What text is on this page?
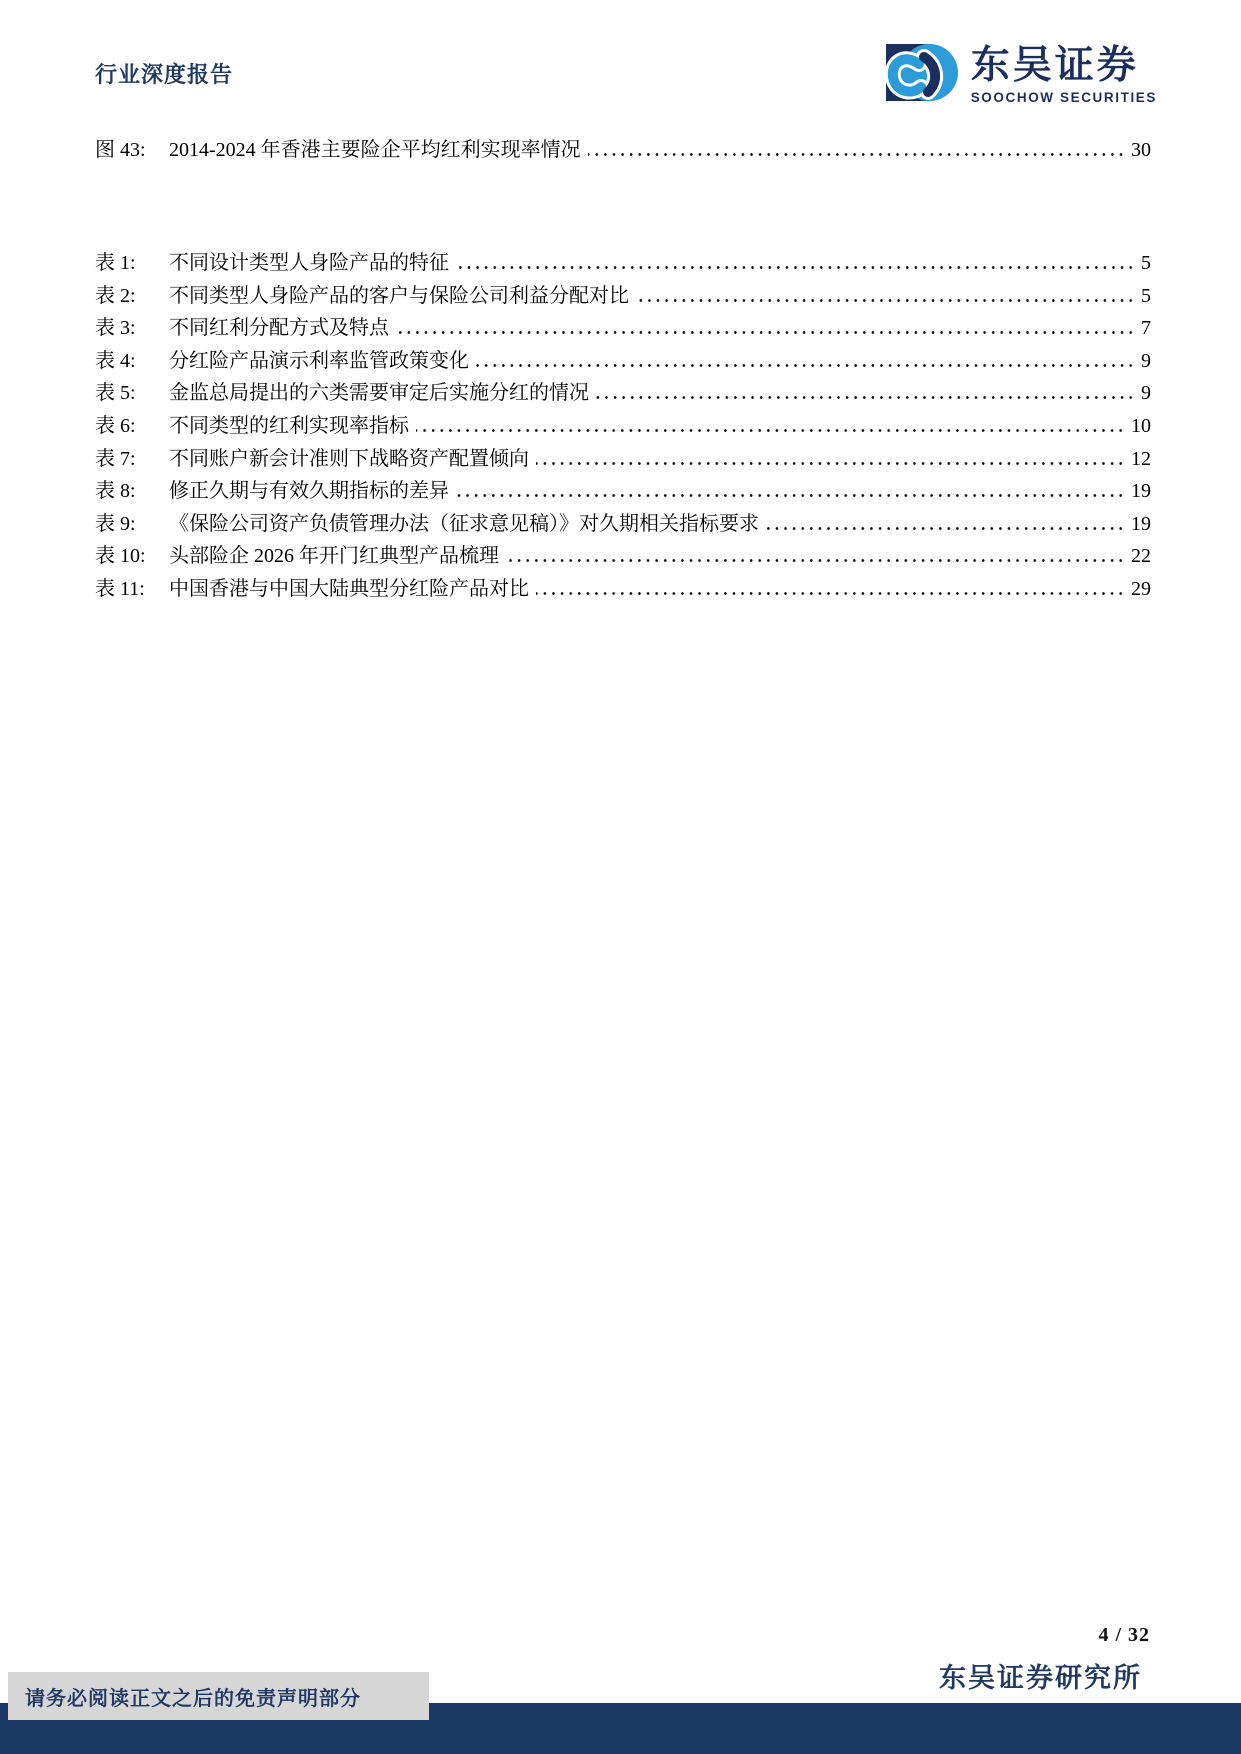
行业深度报告	东吴证券
SOOCHOW SECURITIES
图 43:	2014-2024 年香港主要险企平均红利实现率情况	30
表 1:	不同设计类型人身险产品的特征	5
表 2:	不同类型人身险产品的客户与保险公司利益分配对比	5
表 3:	不同红利分配方式及特点	7
表 4:	分红险产品演示利率监管政策变化	9
表 5:	金监总局提出的六类需要审定后实施分红的情况	9
表 6:	不同类型的红利实现率指标	10
表 7:	不同账户新会计准则下战略资产配置倾向	12
表 8:	修正久期与有效久期指标的差异	19
表 9:	《保险公司资产负债管理办法（征求意见稿）》对久期相关指标要求	19
表 10:	头部险企 2026 年开门红典型产品梳理	22
表 11:	中国香港与中国大陆典型分红险产品对比	29
4 / 32
东吴证券研究所
请务必阅读正文之后的免责声明部分
